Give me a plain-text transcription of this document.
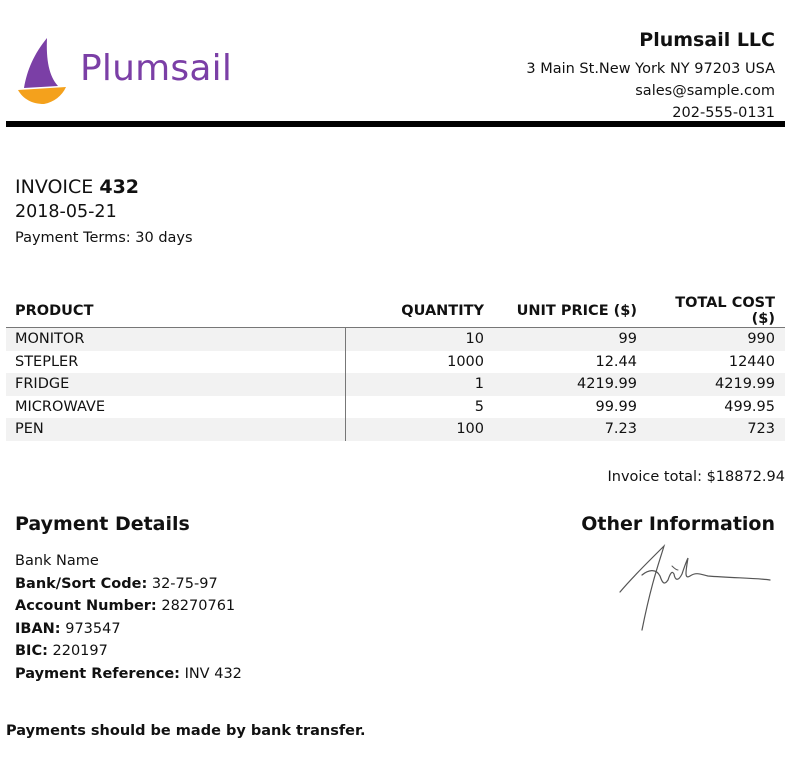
Plumsail
Plumsail LLC
3 Main St.New York NY 97203 USA
sales@sample.com
202-555-0131
INVOICE 432
2018-05-21
Payment Terms: 30 days
PRODUCT	QUANTITY	UNIT PRICE ($)	TOTAL COST ($)
MONITOR	10	99	990
STEPLER	1000	12.44	12440
FRIDGE	1	4219.99	4219.99
MICROWAVE	5	99.99	499.95
PEN	100	7.23	723
Invoice total: $18872.94
Payment Details	Other Information
Bank Name
Bank/Sort Code: 32-75-97
Account Number: 28270761
IBAN: 973547
BIC: 220197
Payment Reference: INV 432
Payments should be made by bank transfer.
